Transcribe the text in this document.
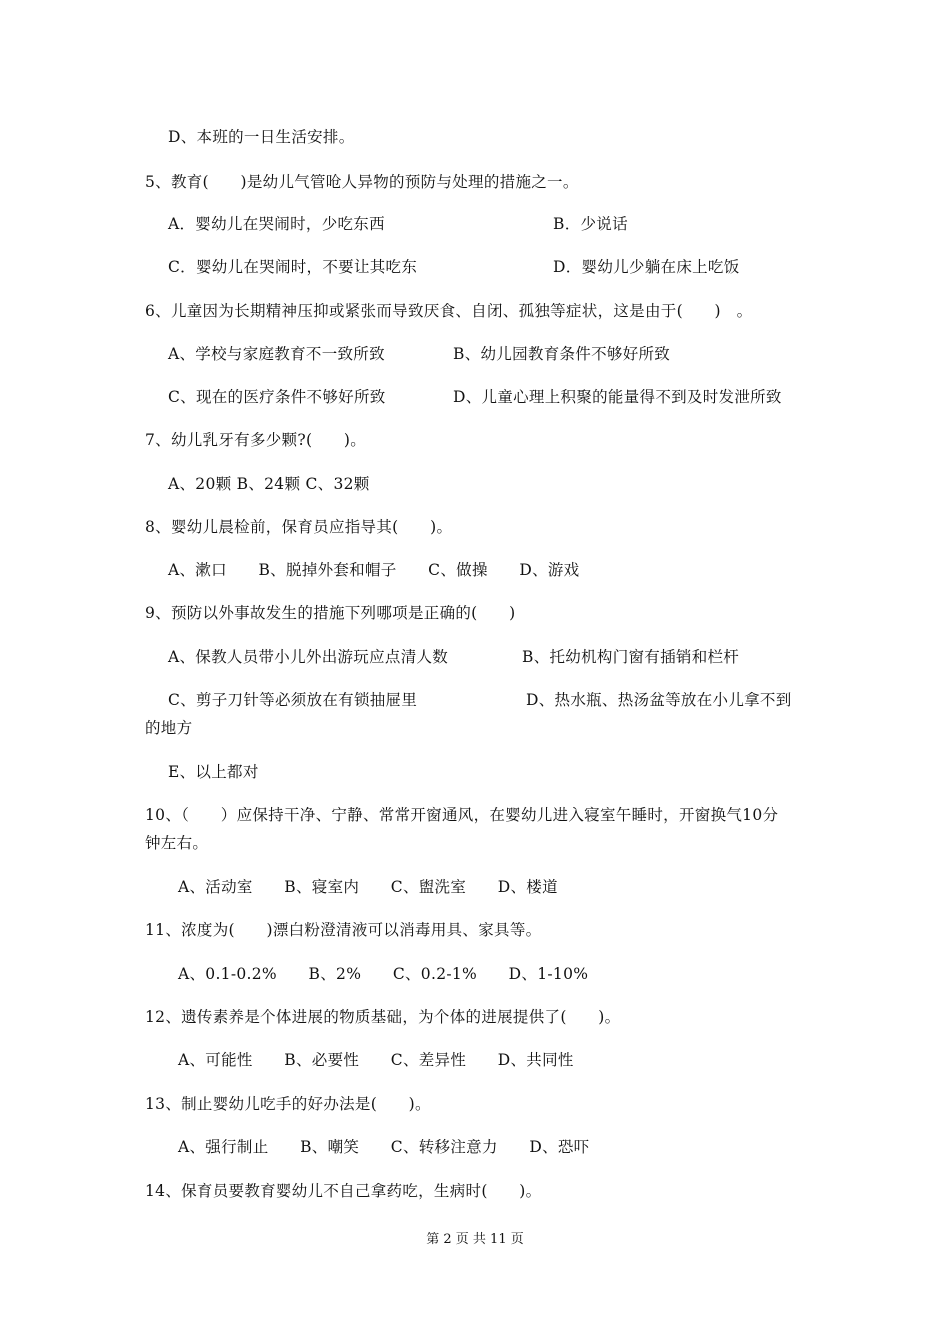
D、本班的一日生活安排。
5、教育(　　)是幼儿气管呛人异物的预防与处理的措施之一。
A．婴幼儿在哭闹时，少吃东西	B．少说话
C．婴幼儿在哭闹时，不要让其吃东	D．婴幼儿少躺在床上吃饭
6、儿童因为长期精神压抑或紧张而导致厌食、自闭、孤独等症状，这是由于(　　)　。
A、学校与家庭教育不一致所致	B、幼儿园教育条件不够好所致
C、现在的医疗条件不够好所致	D、儿童心理上积聚的能量得不到及时发泄所致
7、幼儿乳牙有多少颗?(　　)。
A、20颗 B、24颗 C、32颗
8、婴幼儿晨检前，保育员应指导其(　　)。
A、漱口　　B、脱掉外套和帽子　　C、做操　　D、游戏
9、预防以外事故发生的措施下列哪项是正确的(　　)
A、保教人员带小儿外出游玩应点清人数	B、托幼机构门窗有插销和栏杆
C、剪子刀针等必须放在有锁抽屉里	D、热水瓶、热汤盆等放在小儿拿不到
的地方
E、以上都对
10、（　　）应保持干净、宁静、常常开窗通风，在婴幼儿进入寝室午睡时，开窗换气10分
钟左右。
A、活动室　　B、寝室内　　C、盥洗室　　D、楼道
11、浓度为(　　)漂白粉澄清液可以消毒用具、家具等。
A、0.1-0.2%　　B、2%　　C、0.2-1%　　D、1-10%
12、遗传素养是个体进展的物质基础，为个体的进展提供了(　　)。
A、可能性　　B、必要性　　C、差异性　　D、共同性
13、制止婴幼儿吃手的好办法是(　　)。
A、强行制止　　B、嘲笑　　C、转移注意力　　D、恐吓
14、保育员要教育婴幼儿不自己拿药吃，生病时(　　)。
第 2 页 共 11 页
